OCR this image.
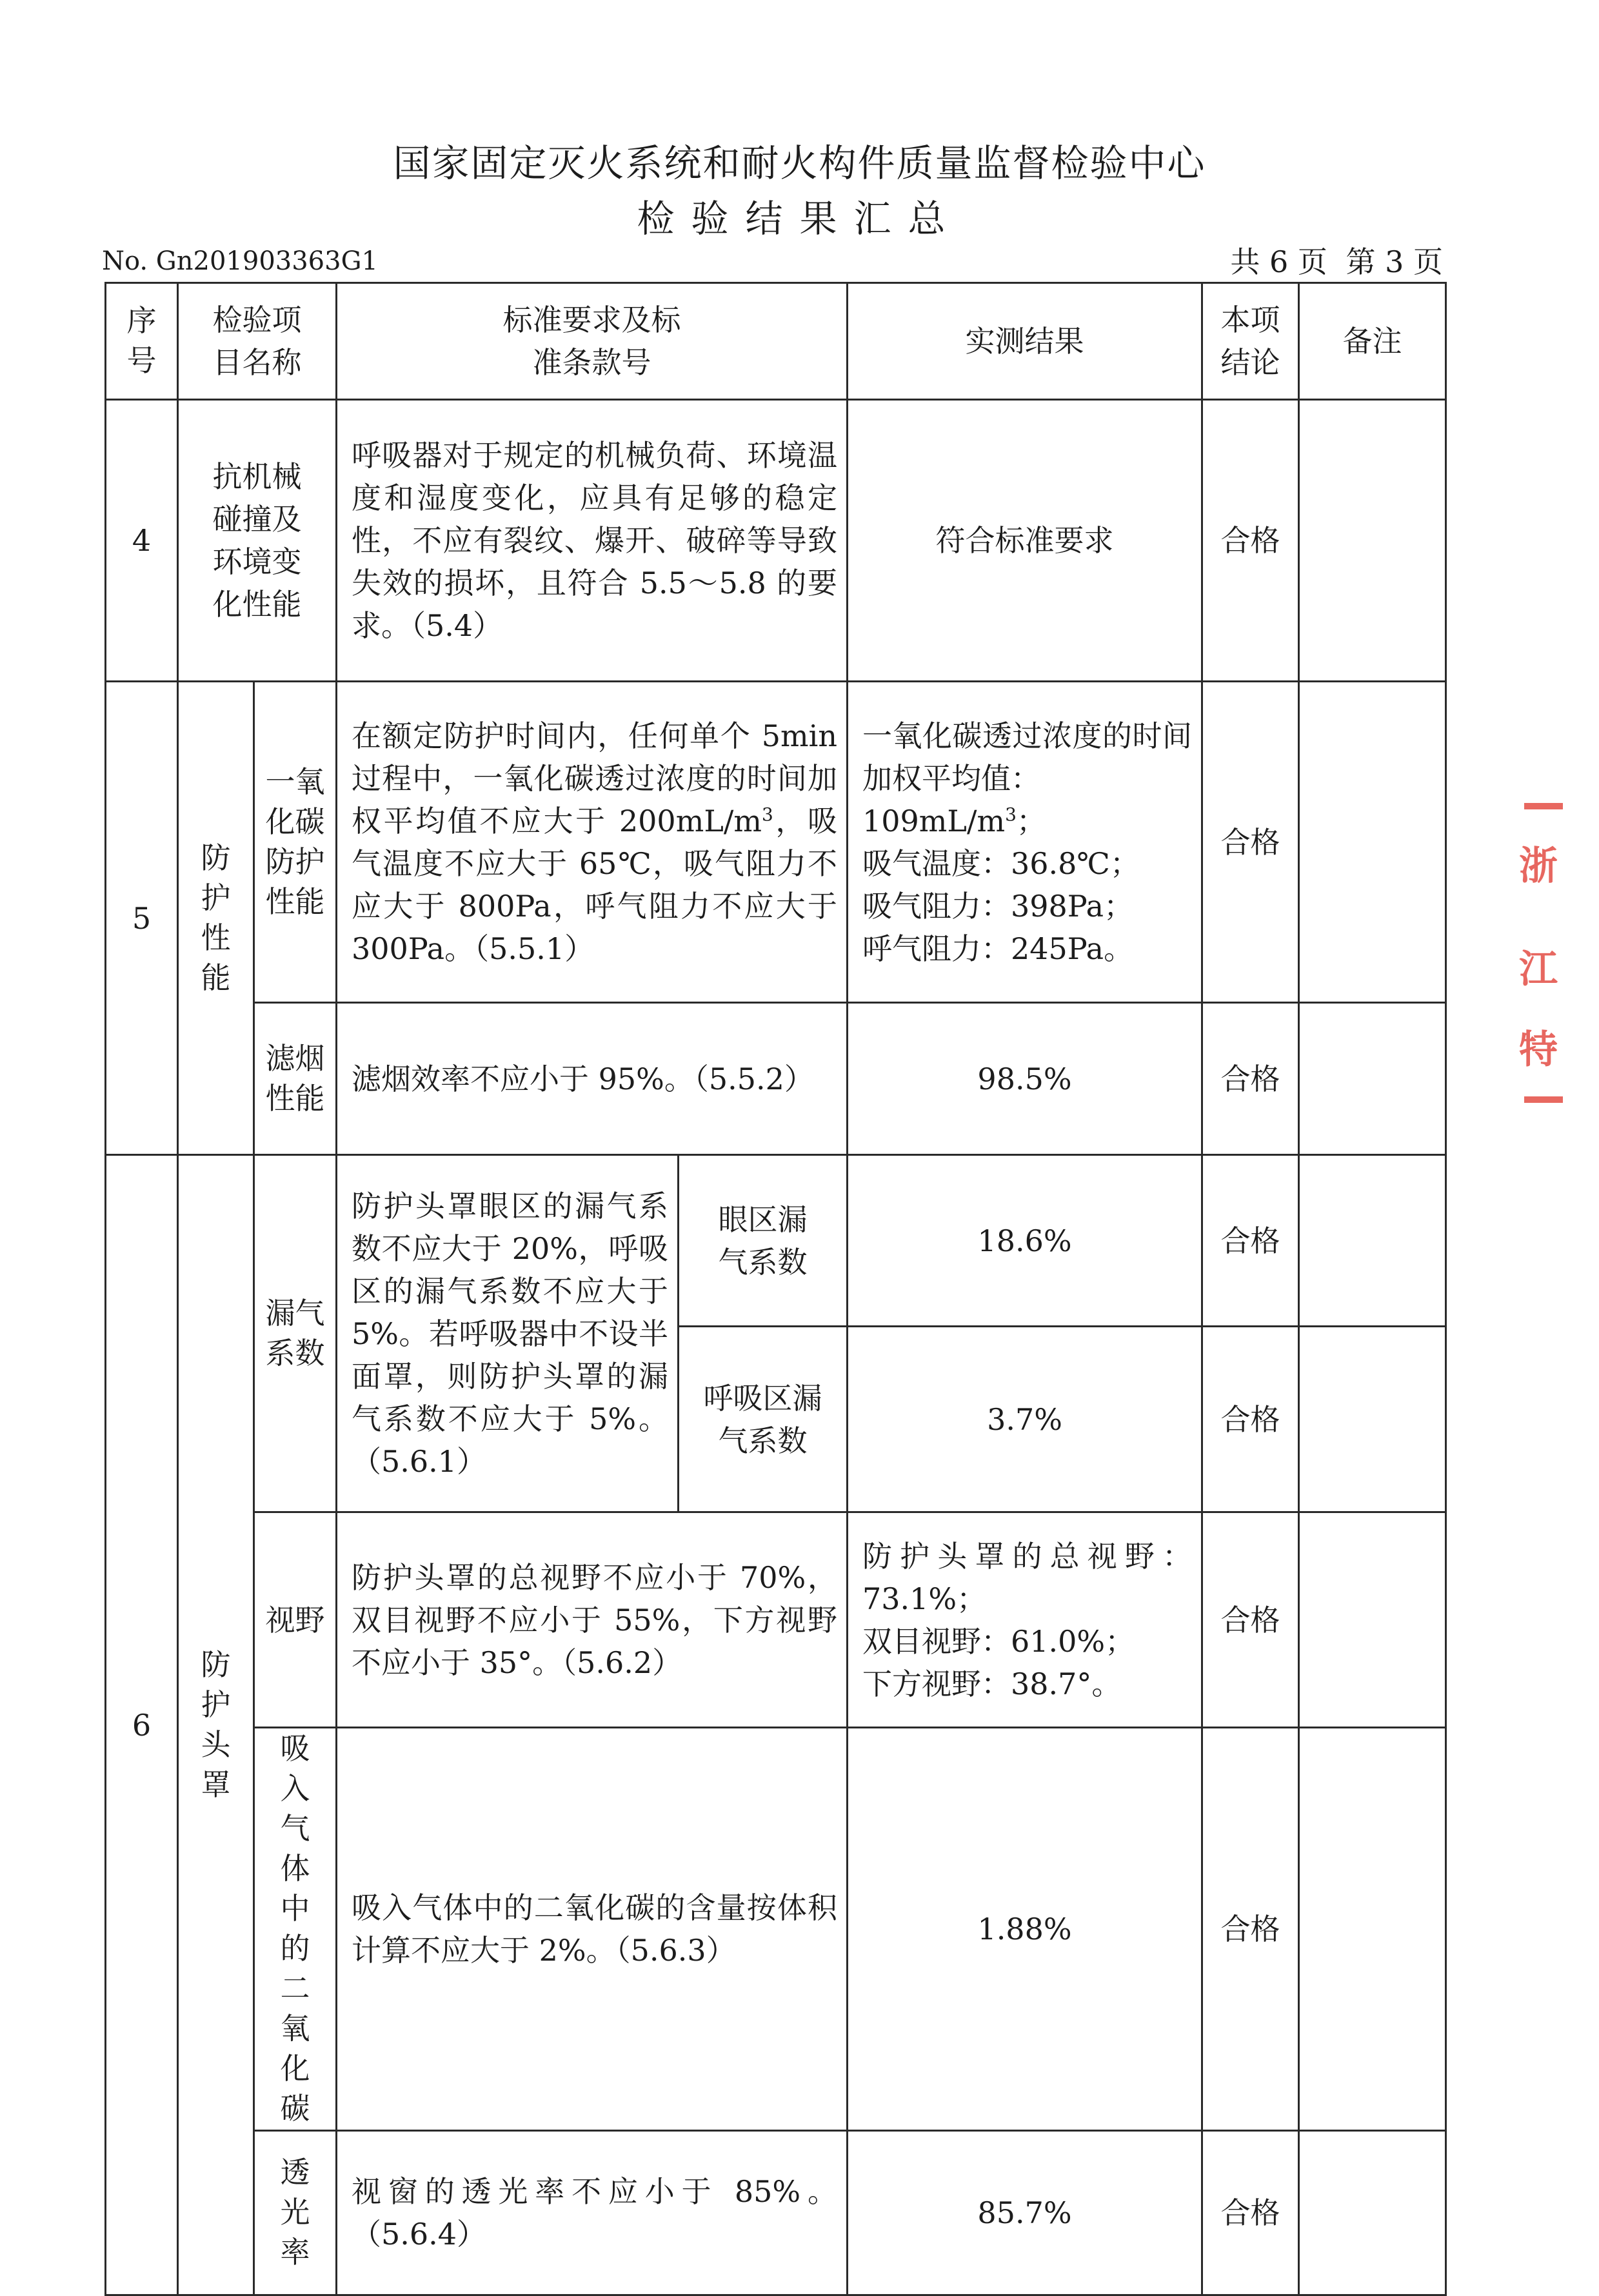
国家固定灭火系统和耐火构件质量监督检验中心
检验结果汇总
No. Gn201903363G1	共 6 页 第 3 页
序号	检验项目名称		标准要求及标准条款号		实测结果	本项结论	备注
4	抗机械碰撞及环境变化性能		呼吸器对于规定的机械负荷、环境温度和湿度变化，应具有足够的稳定性，不应有裂纹、爆开、破碎等导致失效的损坏，且符合 5.5～5.8 的要求。（5.4）		符合标准要求	合格	
5	防护性能	一氧化碳防护性能	在额定防护时间内，任何单个 5min 过程中，一氧化碳透过浓度的时间加权平均值不应大于 $200mL/m^3$，吸气温度不应大于 65℃，吸气阻力不应大于 800Pa，呼气阻力不应大于 300Pa。（5.5.1）		一氧化碳透过浓度的时间加权平均值：
$109mL/m^3$；
吸气温度：36.8℃；
吸气阻力：398Pa；
呼气阻力：245Pa。	合格	
		滤烟性能	滤烟效率不应小于 95%。（5.5.2）		98.5%	合格	
6	防护头罩	漏气系数	防护头罩眼区的漏气系数不应大于 20%，呼吸区的漏气系数不应大于 5%。若呼吸器中不设半面罩，则防护头罩的漏气系数不应大于 5%。（5.6.1）	眼区漏气系数	18.6%	合格	

				呼吸区漏气系数	3.7%	合格	
		视野	防护头罩的总视野不应小于 70%，双目视野不应小于 55%，下方视野不应小于 35°。（5.6.2）		防护头罩的总视野：73.1%；
双目视野：61.0%；
下方视野：38.7°。	合格	
		吸入气体中的二氧化碳	吸入气体中的二氧化碳的含量按体积计算不应大于 2%。（5.6.3）		1.88%	合格	
		透光率	视窗的透光率不应小于 85%。（5.6.4）		85.7%	合格	
浙
江
特
